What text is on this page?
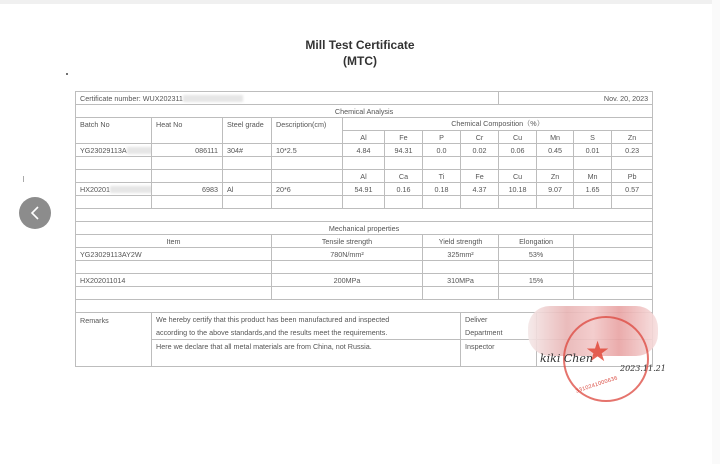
Mill Test Certificate
(MTC)
Certificate number: WUX202311								Nov. 20, 2023			
Chemical Analysis											
Batch No	Heat No	Steel grade	Description(cm)	Chemical Composition（%）							
				Al	Fe	P	Cr	Cu	Mn	S	Zn
YG23029113A	086111	304#	10*2.5	4.84	94.31	0.0	0.02	0.06	0.45	0.01	0.23

				Al	Ca	Ti	Fe	Cu	Zn	Mn	Pb
HX20201	6983	Al	20*6	54.91	0.16	0.18	4.37	10.18	9.07	1.65	0.57

Mechanical properties											
Item			Tensile strength			Yield strength		Elongation			
YG23029113AY2W			780N/mm²			325mm²		53%			

HX202011014			200MPa			310MPa		15%			

Remarks	We hereby certify that this product has been manufactured and inspected
according to the above standards,and the results meet the requirements.

Deliver
Department

	Here we declare that all metal materials are from China, not Russia.						Inspector					★
3310241000636
kiki Chen
2023.11.21
